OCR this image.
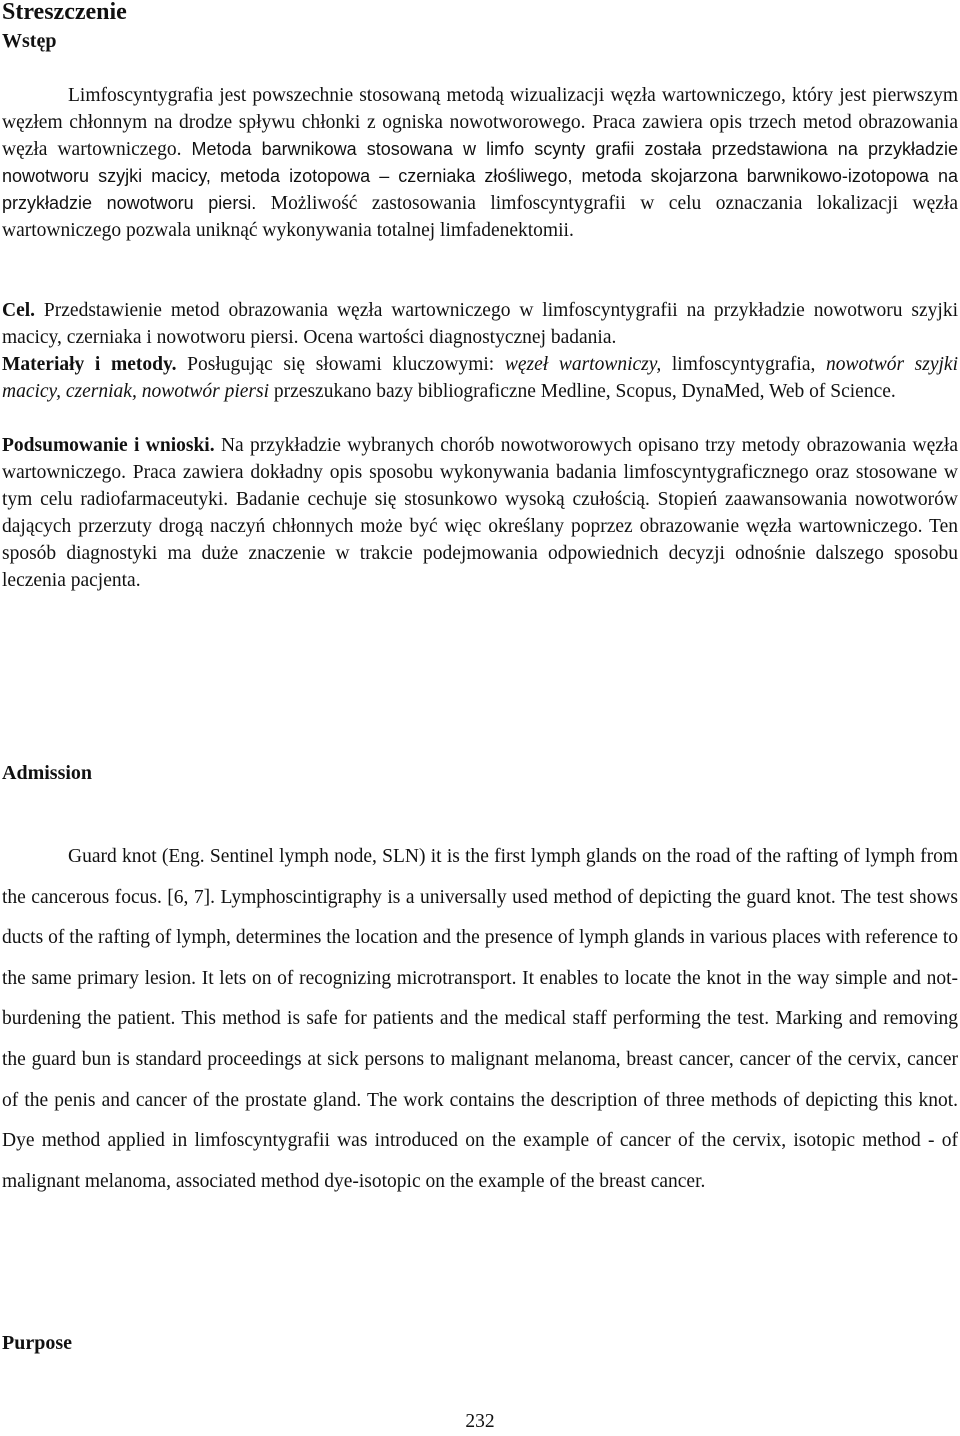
Streszczenie
Wstęp

Limfoscyntygrafia jest powszechnie stosowaną metodą wizualizacji węzła wartowniczego, który jest pierwszym węzłem chłonnym na drodze spływu chłonki z ogniska nowotworowego. Praca zawiera opis trzech metod obrazowania węzła wartowniczego. Metoda barwnikowa stosowana w limfo scynty grafii została przedstawiona na przykładzie nowotworu szyjki macicy, metoda izotopowa – czerniaka złośliwego, metoda skojarzona barwnikowo-izotopowa na przykładzie nowotworu piersi. Możliwość zastosowania limfoscyntygrafii w celu oznaczania lokalizacji węzła wartowniczego pozwala uniknąć wykonywania totalnej limfadenektomii.

Cel. Przedstawienie metod obrazowania węzła wartowniczego w limfoscyntygrafii na przykładzie nowotworu szyjki macicy, czerniaka i nowotworu piersi. Ocena wartości diagnostycznej badania.

Materiały i metody. Posługując się słowami kluczowymi: węzeł wartowniczy, limfoscyntygrafia, nowotwór szyjki macicy, czerniak, nowotwór piersi przeszukano bazy bibliograficzne Medline, Scopus, DynaMed, Web of Science.

Podsumowanie i wnioski. Na przykładzie wybranych chorób nowotworowych opisano trzy metody obrazowania węzła wartowniczego. Praca zawiera dokładny opis sposobu wykonywania badania limfoscyntygraficznego oraz stosowane w tym celu radiofarmaceutyki. Badanie cechuje się stosunkowo wysoką czułością. Stopień zaawansowania nowotworów dających przerzuty drogą naczyń chłonnych może być więc określany poprzez obrazowanie węzła wartowniczego. Ten sposób diagnostyki ma duże znaczenie w trakcie podejmowania odpowiednich decyzji odnośnie dalszego sposobu leczenia pacjenta.

Admission

Guard knot (Eng. Sentinel lymph node, SLN) it is the first lymph glands on the road of the rafting of lymph from the cancerous focus. [6, 7]. Lymphoscintigraphy is a universally used method of depicting the guard knot. The test shows ducts of the rafting of lymph, determines the location and the presence of lymph glands in various places with reference to the same primary lesion. It lets on of recognizing microtransport. It enables to locate the knot in the way simple and not-burdening the patient. This method is safe for patients and the medical staff performing the test. Marking and removing the guard bun is standard proceedings at sick persons to malignant melanoma, breast cancer, cancer of the cervix, cancer of the penis and cancer of the prostate gland. The work contains the description of three methods of depicting this knot. Dye method applied in limfoscyntygrafii was introduced on the example of cancer of the cervix, isotopic method - of malignant melanoma, associated method dye-isotopic on the example of the breast cancer.

Purpose
232
